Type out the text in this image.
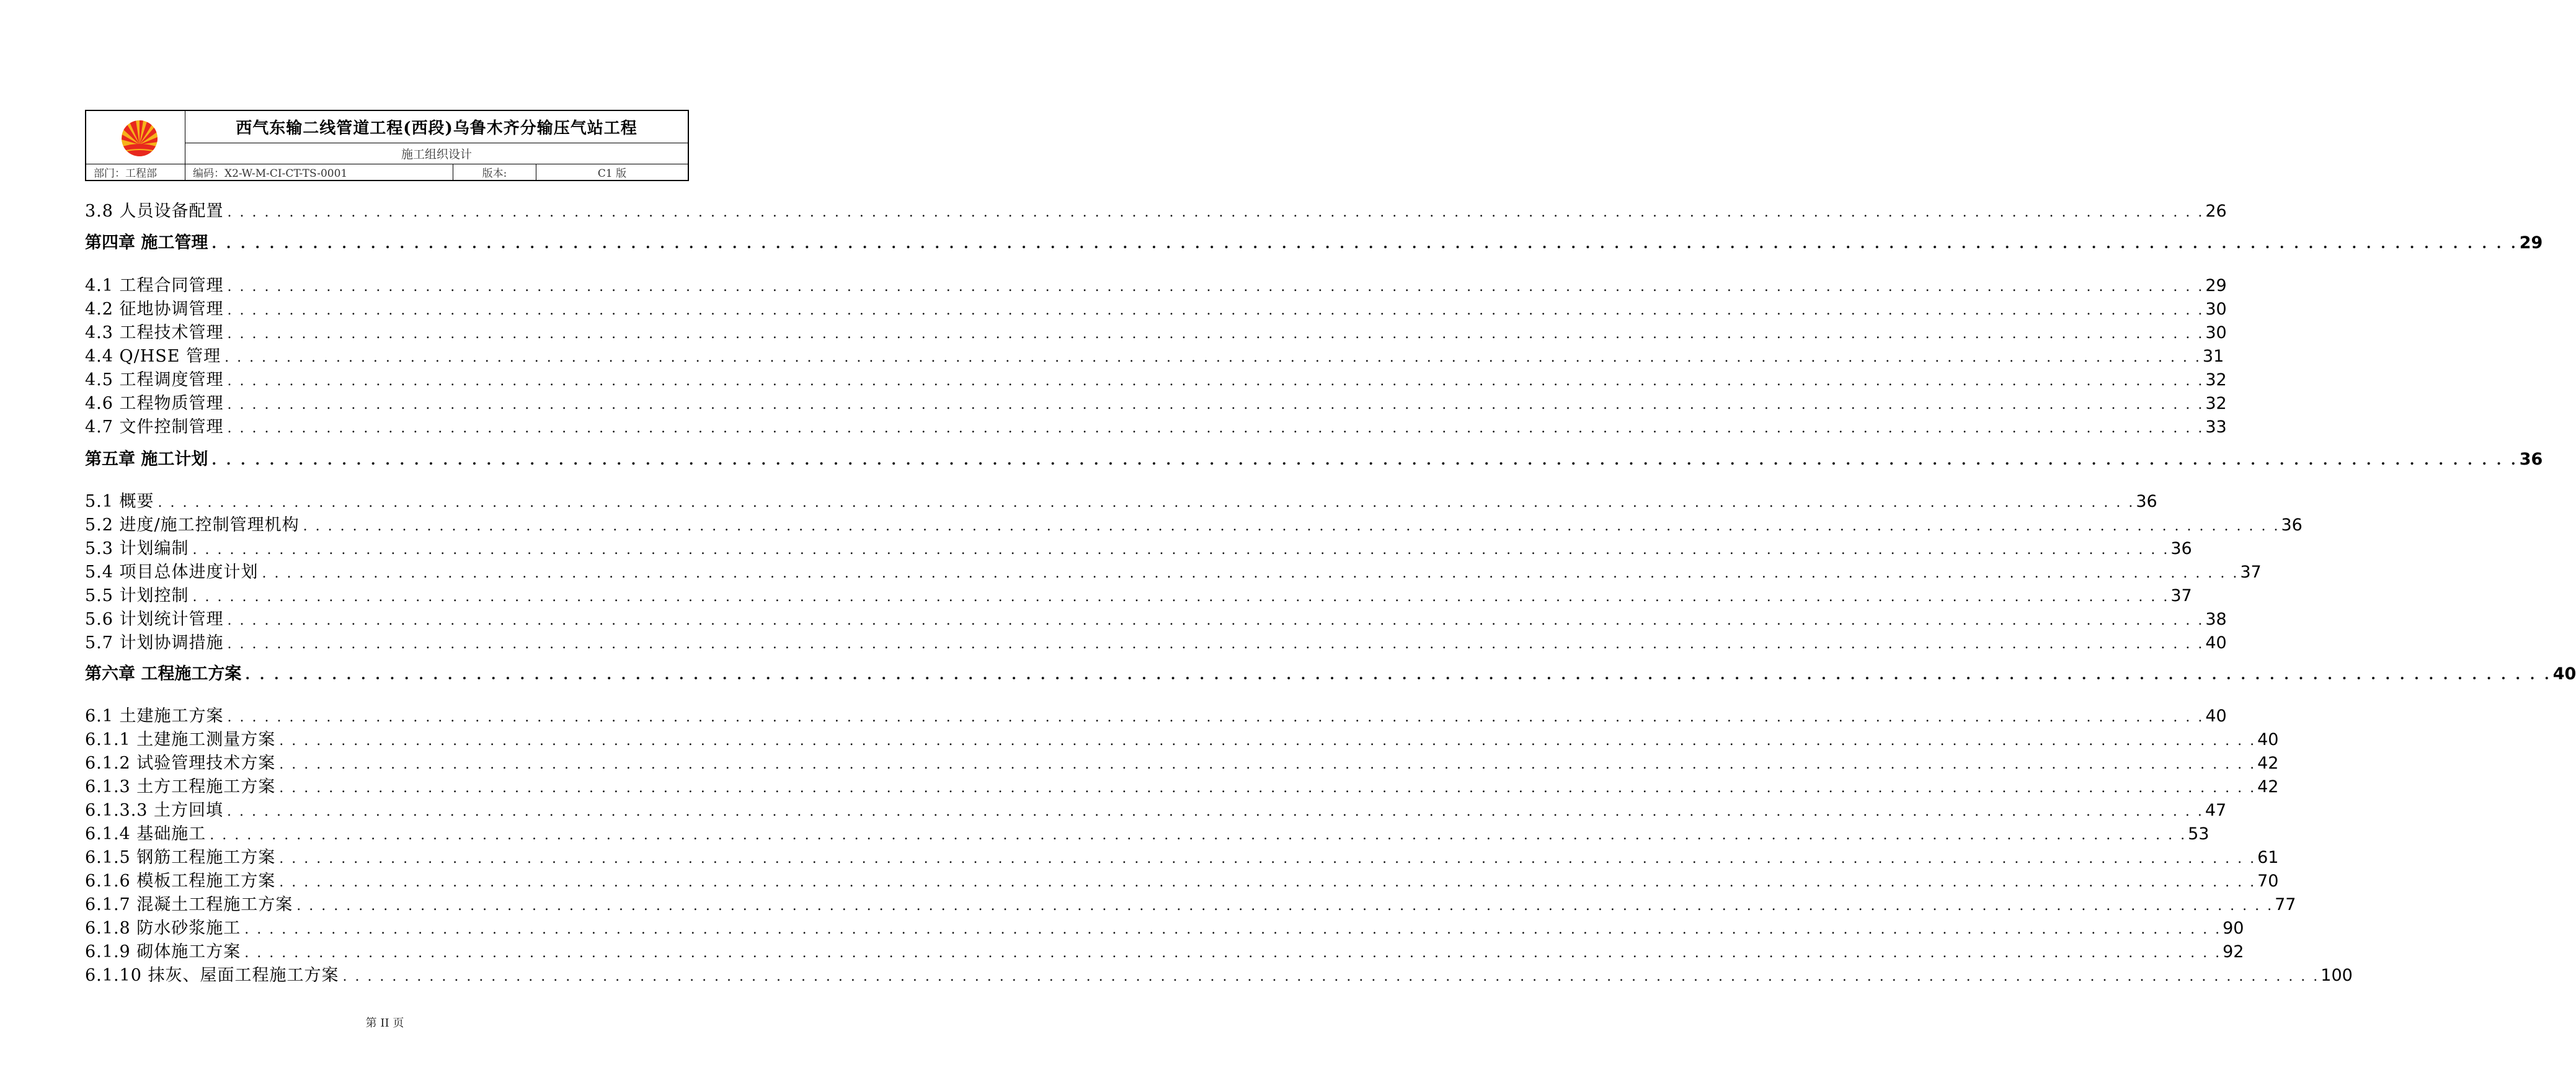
西气东输二线管道工程(西段)乌鲁木齐分输压气站工程
施工组织设计
部门：工程部	编码：X2-W-M-CI-CT-TS-0001	版本:	C1 版
3.8 人员设备配置 . . . . . . . . . . . . . . . . . . . . . . . . . . . . . . . . . . . . . . . . . . . . . . . . . . . . . . . . . . . . . . . . . . . . . . . . . . . . . . . . . . . . . . . . . . . . . . . . . . . . . . . . . . . . . . . . . . . . . . . . . . . . . . . . . . . . . . . . . . . . . . . . . . . . . . . . . . . . . . . . 26
第四章 施工管理 . . . . . . . . . . . . . . . . . . . . . . . . . . . . . . . . . . . . . . . . . . . . . . . . . . . . . . . . . . . . . . . . . . . . . . . . . . . . . . . . . . . . . . . . . . . . . . . . . . . . . . . . . . . . . . . . . . . . . . . . . . . . . . . . . . . . . . . . . . . . . . . . . . . . . . . . . . . . . . . . 29
4.1 工程合同管理 . . . . . . . . . . . . . . . . . . . . . . . . . . . . . . . . . . . . . . . . . . . . . . . . . . . . . . . . . . . . . . . . . . . . . . . . . . . . . . . . . . . . . . . . . . . . . . . . . . . . . . . . . . . . . . . . . . . . . . . . . . . . . . . . . . . . . . . . . . . . . . . . . . . . . . . . . . . . . . . . 29
4.2 征地协调管理 . . . . . . . . . . . . . . . . . . . . . . . . . . . . . . . . . . . . . . . . . . . . . . . . . . . . . . . . . . . . . . . . . . . . . . . . . . . . . . . . . . . . . . . . . . . . . . . . . . . . . . . . . . . . . . . . . . . . . . . . . . . . . . . . . . . . . . . . . . . . . . . . . . . . . . . . . . . . . . . . 30
4.3 工程技术管理 . . . . . . . . . . . . . . . . . . . . . . . . . . . . . . . . . . . . . . . . . . . . . . . . . . . . . . . . . . . . . . . . . . . . . . . . . . . . . . . . . . . . . . . . . . . . . . . . . . . . . . . . . . . . . . . . . . . . . . . . . . . . . . . . . . . . . . . . . . . . . . . . . . . . . . . . . . . . . . . . 30
4.4 Q/HSE 管理 . . . . . . . . . . . . . . . . . . . . . . . . . . . . . . . . . . . . . . . . . . . . . . . . . . . . . . . . . . . . . . . . . . . . . . . . . . . . . . . . . . . . . . . . . . . . . . . . . . . . . . . . . . . . . . . . . . . . . . . . . . . . . . . . . . . . . . . . . . . . . . . . . . . . . . . . . . . . . . . . 31
4.5 工程调度管理 . . . . . . . . . . . . . . . . . . . . . . . . . . . . . . . . . . . . . . . . . . . . . . . . . . . . . . . . . . . . . . . . . . . . . . . . . . . . . . . . . . . . . . . . . . . . . . . . . . . . . . . . . . . . . . . . . . . . . . . . . . . . . . . . . . . . . . . . . . . . . . . . . . . . . . . . . . . . . . . . 32
4.6 工程物质管理 . . . . . . . . . . . . . . . . . . . . . . . . . . . . . . . . . . . . . . . . . . . . . . . . . . . . . . . . . . . . . . . . . . . . . . . . . . . . . . . . . . . . . . . . . . . . . . . . . . . . . . . . . . . . . . . . . . . . . . . . . . . . . . . . . . . . . . . . . . . . . . . . . . . . . . . . . . . . . . . . 32
4.7 文件控制管理 . . . . . . . . . . . . . . . . . . . . . . . . . . . . . . . . . . . . . . . . . . . . . . . . . . . . . . . . . . . . . . . . . . . . . . . . . . . . . . . . . . . . . . . . . . . . . . . . . . . . . . . . . . . . . . . . . . . . . . . . . . . . . . . . . . . . . . . . . . . . . . . . . . . . . . . . . . . . . . . . 33
第五章 施工计划 . . . . . . . . . . . . . . . . . . . . . . . . . . . . . . . . . . . . . . . . . . . . . . . . . . . . . . . . . . . . . . . . . . . . . . . . . . . . . . . . . . . . . . . . . . . . . . . . . . . . . . . . . . . . . . . . . . . . . . . . . . . . . . . . . . . . . . . . . . . . . . . . . . . . . . . . . . . . . . . . 36
5.1 概要 . . . . . . . . . . . . . . . . . . . . . . . . . . . . . . . . . . . . . . . . . . . . . . . . . . . . . . . . . . . . . . . . . . . . . . . . . . . . . . . . . . . . . . . . . . . . . . . . . . . . . . . . . . . . . . . . . . . . . . . . . . . . . . . . . . . . . . . . . . . . . . . . . . . . . . . . . . . . . . . . 36
5.2 进度/施工控制管理机构 . . . . . . . . . . . . . . . . . . . . . . . . . . . . . . . . . . . . . . . . . . . . . . . . . . . . . . . . . . . . . . . . . . . . . . . . . . . . . . . . . . . . . . . . . . . . . . . . . . . . . . . . . . . . . . . . . . . . . . . . . . . . . . . . . . . . . . . . . . . . . . . . . . . . . . . . . . . . . . . . 36
5.3 计划编制 . . . . . . . . . . . . . . . . . . . . . . . . . . . . . . . . . . . . . . . . . . . . . . . . . . . . . . . . . . . . . . . . . . . . . . . . . . . . . . . . . . . . . . . . . . . . . . . . . . . . . . . . . . . . . . . . . . . . . . . . . . . . . . . . . . . . . . . . . . . . . . . . . . . . . . . . . . . . . . . . 36
5.4 项目总体进度计划 . . . . . . . . . . . . . . . . . . . . . . . . . . . . . . . . . . . . . . . . . . . . . . . . . . . . . . . . . . . . . . . . . . . . . . . . . . . . . . . . . . . . . . . . . . . . . . . . . . . . . . . . . . . . . . . . . . . . . . . . . . . . . . . . . . . . . . . . . . . . . . . . . . . . . . . . . . . . . . . . 37
5.5 计划控制 . . . . . . . . . . . . . . . . . . . . . . . . . . . . . . . . . . . . . . . . . . . . . . . . . . . . . . . . . . . . . . . . . . . . . . . . . . . . . . . . . . . . . . . . . . . . . . . . . . . . . . . . . . . . . . . . . . . . . . . . . . . . . . . . . . . . . . . . . . . . . . . . . . . . . . . . . . . . . . . . 37
5.6 计划统计管理 . . . . . . . . . . . . . . . . . . . . . . . . . . . . . . . . . . . . . . . . . . . . . . . . . . . . . . . . . . . . . . . . . . . . . . . . . . . . . . . . . . . . . . . . . . . . . . . . . . . . . . . . . . . . . . . . . . . . . . . . . . . . . . . . . . . . . . . . . . . . . . . . . . . . . . . . . . . . . . . . 38
5.7 计划协调措施 . . . . . . . . . . . . . . . . . . . . . . . . . . . . . . . . . . . . . . . . . . . . . . . . . . . . . . . . . . . . . . . . . . . . . . . . . . . . . . . . . . . . . . . . . . . . . . . . . . . . . . . . . . . . . . . . . . . . . . . . . . . . . . . . . . . . . . . . . . . . . . . . . . . . . . . . . . . . . . . . 40
第六章 工程施工方案 . . . . . . . . . . . . . . . . . . . . . . . . . . . . . . . . . . . . . . . . . . . . . . . . . . . . . . . . . . . . . . . . . . . . . . . . . . . . . . . . . . . . . . . . . . . . . . . . . . . . . . . . . . . . . . . . . . . . . . . . . . . . . . . . . . . . . . . . . . . . . . . . . . . . . . . . . . . . . . . . 40
6.1 土建施工方案 . . . . . . . . . . . . . . . . . . . . . . . . . . . . . . . . . . . . . . . . . . . . . . . . . . . . . . . . . . . . . . . . . . . . . . . . . . . . . . . . . . . . . . . . . . . . . . . . . . . . . . . . . . . . . . . . . . . . . . . . . . . . . . . . . . . . . . . . . . . . . . . . . . . . . . . . . . . . . . . . 40
6.1.1 土建施工测量方案 . . . . . . . . . . . . . . . . . . . . . . . . . . . . . . . . . . . . . . . . . . . . . . . . . . . . . . . . . . . . . . . . . . . . . . . . . . . . . . . . . . . . . . . . . . . . . . . . . . . . . . . . . . . . . . . . . . . . . . . . . . . . . . . . . . . . . . . . . . . . . . . . . . . . . . . . . . . . . . . . 40
6.1.2 试验管理技术方案 . . . . . . . . . . . . . . . . . . . . . . . . . . . . . . . . . . . . . . . . . . . . . . . . . . . . . . . . . . . . . . . . . . . . . . . . . . . . . . . . . . . . . . . . . . . . . . . . . . . . . . . . . . . . . . . . . . . . . . . . . . . . . . . . . . . . . . . . . . . . . . . . . . . . . . . . . . . . . . . . 42
6.1.3 土方工程施工方案 . . . . . . . . . . . . . . . . . . . . . . . . . . . . . . . . . . . . . . . . . . . . . . . . . . . . . . . . . . . . . . . . . . . . . . . . . . . . . . . . . . . . . . . . . . . . . . . . . . . . . . . . . . . . . . . . . . . . . . . . . . . . . . . . . . . . . . . . . . . . . . . . . . . . . . . . . . . . . . . . 42
6.1.3.3 土方回填 . . . . . . . . . . . . . . . . . . . . . . . . . . . . . . . . . . . . . . . . . . . . . . . . . . . . . . . . . . . . . . . . . . . . . . . . . . . . . . . . . . . . . . . . . . . . . . . . . . . . . . . . . . . . . . . . . . . . . . . . . . . . . . . . . . . . . . . . . . . . . . . . . . . . . . . . . . . . . . . . 47
6.1.4 基础施工 . . . . . . . . . . . . . . . . . . . . . . . . . . . . . . . . . . . . . . . . . . . . . . . . . . . . . . . . . . . . . . . . . . . . . . . . . . . . . . . . . . . . . . . . . . . . . . . . . . . . . . . . . . . . . . . . . . . . . . . . . . . . . . . . . . . . . . . . . . . . . . . . . . . . . . . . . . . . . . . . 53
6.1.5 钢筋工程施工方案 . . . . . . . . . . . . . . . . . . . . . . . . . . . . . . . . . . . . . . . . . . . . . . . . . . . . . . . . . . . . . . . . . . . . . . . . . . . . . . . . . . . . . . . . . . . . . . . . . . . . . . . . . . . . . . . . . . . . . . . . . . . . . . . . . . . . . . . . . . . . . . . . . . . . . . . . . . . . . . . . 61
6.1.6 模板工程施工方案 . . . . . . . . . . . . . . . . . . . . . . . . . . . . . . . . . . . . . . . . . . . . . . . . . . . . . . . . . . . . . . . . . . . . . . . . . . . . . . . . . . . . . . . . . . . . . . . . . . . . . . . . . . . . . . . . . . . . . . . . . . . . . . . . . . . . . . . . . . . . . . . . . . . . . . . . . . . . . . . . 70
6.1.7 混凝土工程施工方案 . . . . . . . . . . . . . . . . . . . . . . . . . . . . . . . . . . . . . . . . . . . . . . . . . . . . . . . . . . . . . . . . . . . . . . . . . . . . . . . . . . . . . . . . . . . . . . . . . . . . . . . . . . . . . . . . . . . . . . . . . . . . . . . . . . . . . . . . . . . . . . . . . . . . . . . . . . . . . . . . 77
6.1.8 防水砂浆施工 . . . . . . . . . . . . . . . . . . . . . . . . . . . . . . . . . . . . . . . . . . . . . . . . . . . . . . . . . . . . . . . . . . . . . . . . . . . . . . . . . . . . . . . . . . . . . . . . . . . . . . . . . . . . . . . . . . . . . . . . . . . . . . . . . . . . . . . . . . . . . . . . . . . . . . . . . . . . . . . . 90
6.1.9 砌体施工方案 . . . . . . . . . . . . . . . . . . . . . . . . . . . . . . . . . . . . . . . . . . . . . . . . . . . . . . . . . . . . . . . . . . . . . . . . . . . . . . . . . . . . . . . . . . . . . . . . . . . . . . . . . . . . . . . . . . . . . . . . . . . . . . . . . . . . . . . . . . . . . . . . . . . . . . . . . . . . . . . . 92
6.1.10 抹灰、屋面工程施工方案 . . . . . . . . . . . . . . . . . . . . . . . . . . . . . . . . . . . . . . . . . . . . . . . . . . . . . . . . . . . . . . . . . . . . . . . . . . . . . . . . . . . . . . . . . . . . . . . . . . . . . . . . . . . . . . . . . . . . . . . . . . . . . . . . . . . . . . . . . . . . . . . . . . . . . . . . . . . . . . . . 100
第 II 页
